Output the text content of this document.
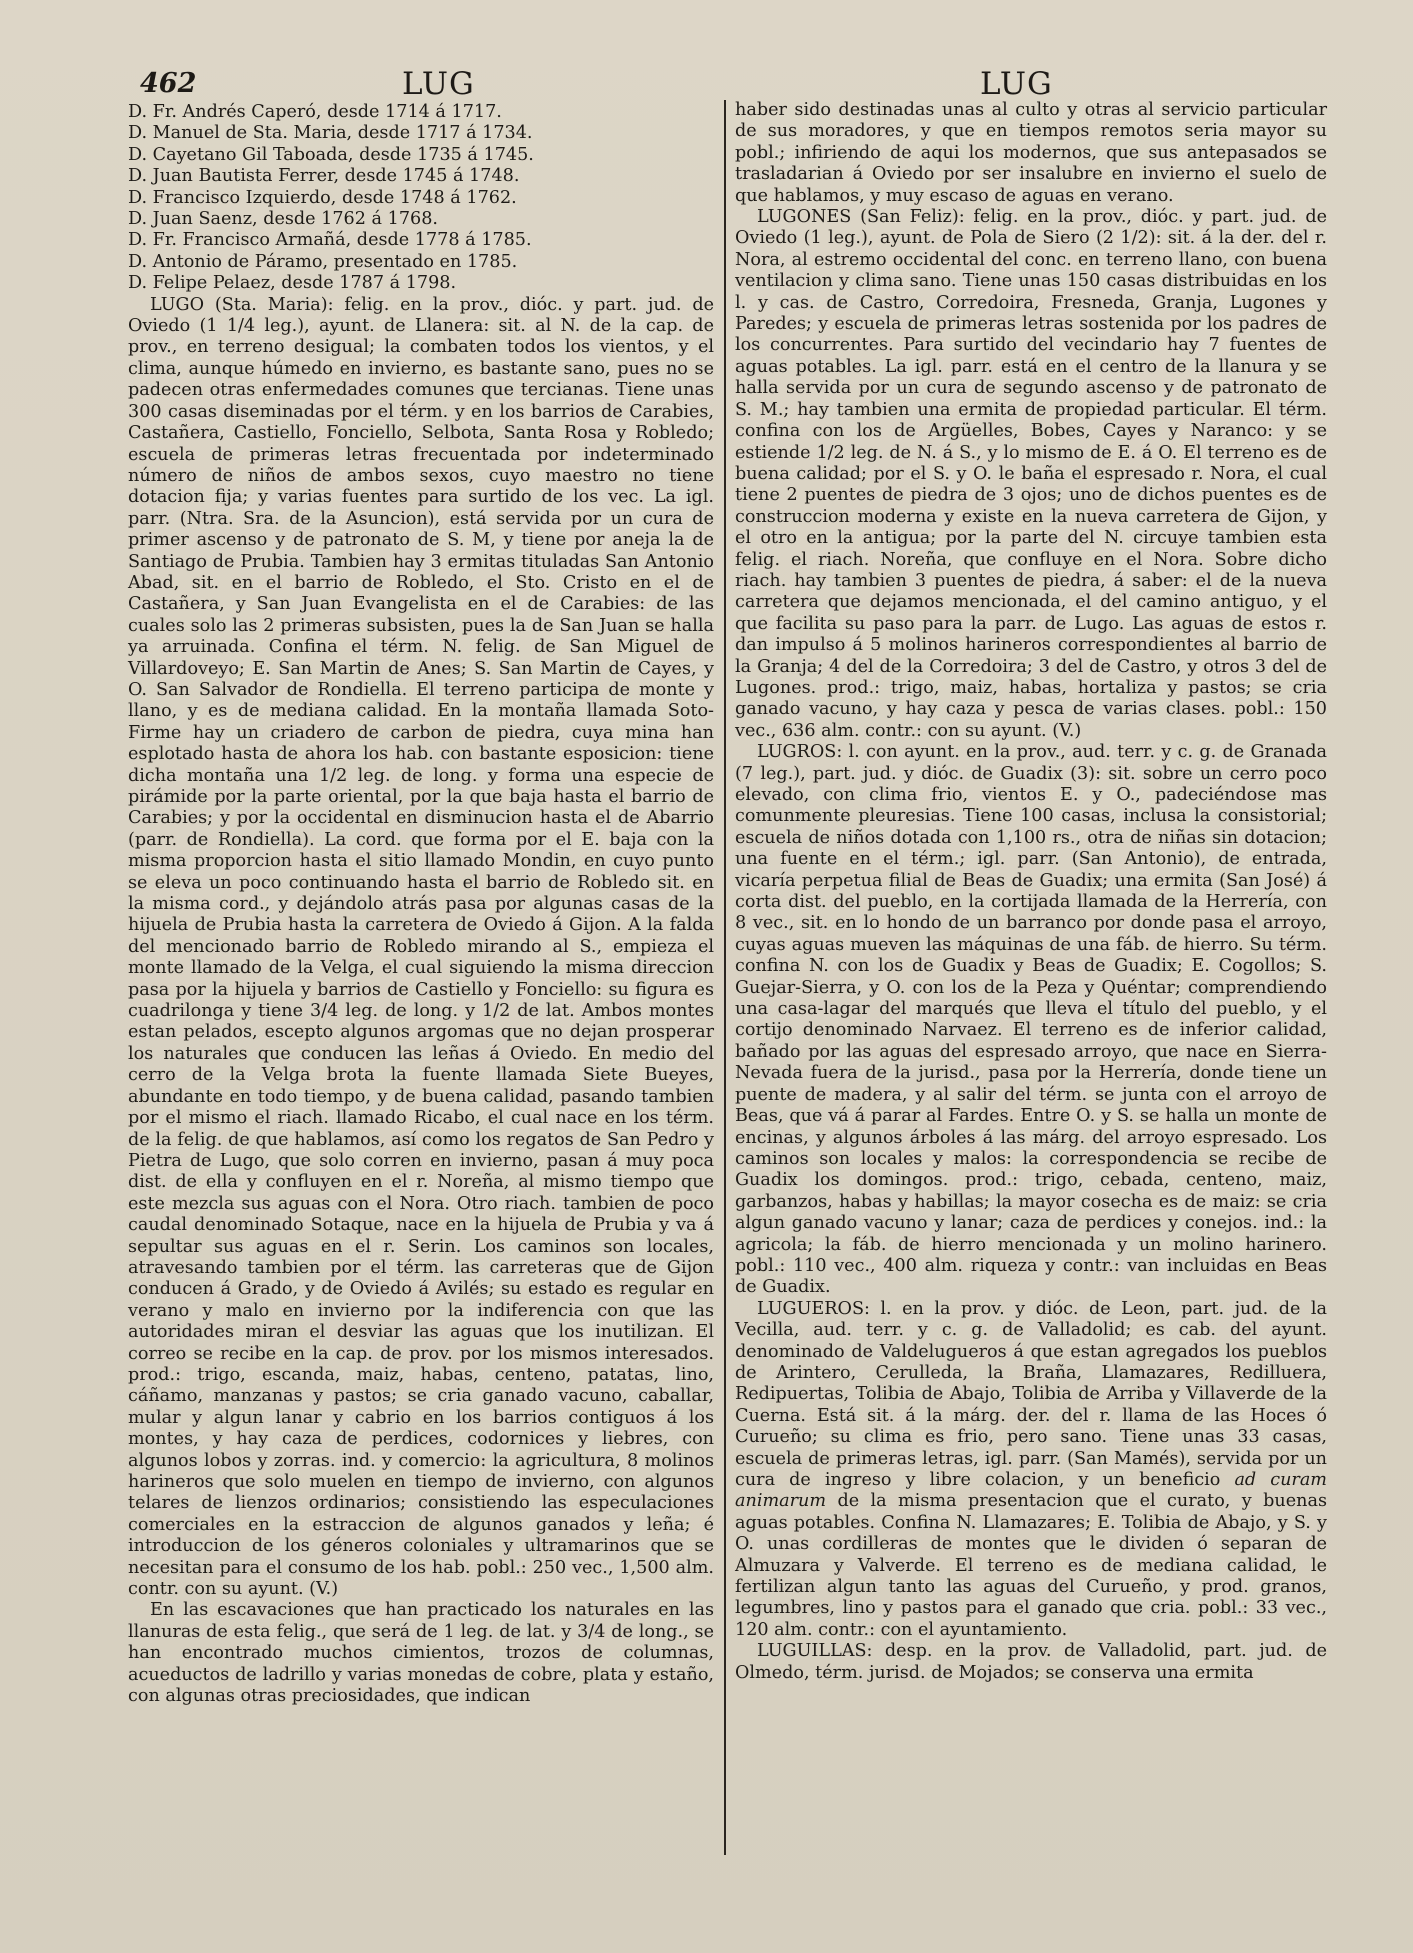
462	LUG	LUG

D. Fr. Andrés Caperó, desde 1714 á 1717.

D. Manuel de Sta. Maria, desde 1717 á 1734.

D. Cayetano Gil Taboada, desde 1735 á 1745.

D. Juan Bautista Ferrer, desde 1745 á 1748.

D. Francisco Izquierdo, desde 1748 á 1762.

D. Juan Saenz, desde 1762 á 1768.

D. Fr. Francisco Armañá, desde 1778 á 1785.

D. Antonio de Páramo, presentado en 1785.

D. Felipe Pelaez, desde 1787 á 1798.

LUGO (Sta. Maria): felig. en la prov., dióc. y part. jud. de Oviedo (1 1/4 leg.), ayunt. de Llanera: sit. al N. de la cap. de prov., en terreno desigual; la combaten todos los vientos, y el clima, aunque húmedo en invierno, es bastante sano, pues no se padecen otras enfermedades comunes que tercianas. Tiene unas 300 casas diseminadas por el térm. y en los barrios de Carabies, Castañera, Castiello, Fonciello, Selbota, Santa Rosa y Robledo; escuela de primeras letras frecuentada por indeterminado número de niños de ambos sexos, cuyo maestro no tiene dotacion fija; y varias fuentes para surtido de los vec. La igl. parr. (Ntra. Sra. de la Asuncion), está servida por un cura de primer ascenso y de patronato de S. M, y tiene por aneja la de Santiago de Prubia. Tambien hay 3 ermitas tituladas San Antonio Abad, sit. en el barrio de Robledo, el Sto. Cristo en el de Castañera, y San Juan Evangelista en el de Carabies: de las cuales solo las 2 primeras subsisten, pues la de San Juan se halla ya arruinada. Confina el térm. N. felig. de San Miguel de Villardoveyo; E. San Martin de Anes; S. San Martin de Cayes, y O. San Salvador de Rondiella. El terreno participa de monte y llano, y es de mediana calidad. En la montaña llamada Soto-Firme hay un criadero de carbon de piedra, cuya mina han esplotado hasta de ahora los hab. con bastante esposicion: tiene dicha montaña una 1/2 leg. de long. y forma una especie de pirámide por la parte oriental, por la que baja hasta el barrio de Carabies; y por la occidental en disminucion hasta el de Abarrio (parr. de Rondiella). La cord. que forma por el E. baja con la misma proporcion hasta el sitio llamado Mondin, en cuyo punto se eleva un poco continuando hasta el barrio de Robledo sit. en la misma cord., y dejándolo atrás pasa por algunas casas de la hijuela de Prubia hasta la carretera de Oviedo á Gijon. A la falda del mencionado barrio de Robledo mirando al S., empieza el monte llamado de la Velga, el cual siguiendo la misma direccion pasa por la hijuela y barrios de Castiello y Fonciello: su figura es cuadrilonga y tiene 3/4 leg. de long. y 1/2 de lat. Ambos montes estan pelados, escepto algunos argomas que no dejan prosperar los naturales que conducen las leñas á Oviedo. En medio del cerro de la Velga brota la fuente llamada Siete Bueyes, abundante en todo tiempo, y de buena calidad, pasando tambien por el mismo el riach. llamado Ricabo, el cual nace en los térm. de la felig. de que hablamos, así como los regatos de San Pedro y Pietra de Lugo, que solo corren en invierno, pasan á muy poca dist. de ella y confluyen en el r. Noreña, al mismo tiempo que este mezcla sus aguas con el Nora. Otro riach. tambien de poco caudal denominado Sotaque, nace en la hijuela de Prubia y va á sepultar sus aguas en el r. Serin. Los caminos son locales, atravesando tambien por el térm. las carreteras que de Gijon conducen á Grado, y de Oviedo á Avilés; su estado es regular en verano y malo en invierno por la indiferencia con que las autoridades miran el desviar las aguas que los inutilizan. El correo se recibe en la cap. de prov. por los mismos interesados. prod.: trigo, escanda, maiz, habas, centeno, patatas, lino, cáñamo, manzanas y pastos; se cria ganado vacuno, caballar, mular y algun lanar y cabrio en los barrios contiguos á los montes, y hay caza de perdices, codornices y liebres, con algunos lobos y zorras. ind. y comercio: la agricultura, 8 molinos harineros que solo muelen en tiempo de invierno, con algunos telares de lienzos ordinarios; consistiendo las especulaciones comerciales en la estraccion de algunos ganados y leña; é introduccion de los géneros coloniales y ultramarinos que se necesitan para el consumo de los hab. pobl.: 250 vec., 1,500 alm. contr. con su ayunt. (V.)

En las escavaciones que han practicado los naturales en las llanuras de esta felig., que será de 1 leg. de lat. y 3/4 de long., se han encontrado muchos cimientos, trozos de columnas, acueductos de ladrillo y varias monedas de cobre, plata y estaño, con algunas otras preciosidades, que indican

haber sido destinadas unas al culto y otras al servicio particular de sus moradores, y que en tiempos remotos seria mayor su pobl.; infiriendo de aqui los modernos, que sus antepasados se trasladarian á Oviedo por ser insalubre en invierno el suelo de que hablamos, y muy escaso de aguas en verano.

LUGONES (San Feliz): felig. en la prov., dióc. y part. jud. de Oviedo (1 leg.), ayunt. de Pola de Siero (2 1/2): sit. á la der. del r. Nora, al estremo occidental del conc. en terreno llano, con buena ventilacion y clima sano. Tiene unas 150 casas distribuidas en los l. y cas. de Castro, Corredoira, Fresneda, Granja, Lugones y Paredes; y escuela de primeras letras sostenida por los padres de los concurrentes. Para surtido del vecindario hay 7 fuentes de aguas potables. La igl. parr. está en el centro de la llanura y se halla servida por un cura de segundo ascenso y de patronato de S. M.; hay tambien una ermita de propiedad particular. El térm. confina con los de Argüelles, Bobes, Cayes y Naranco: y se estiende 1/2 leg. de N. á S., y lo mismo de E. á O. El terreno es de buena calidad; por el S. y O. le baña el espresado r. Nora, el cual tiene 2 puentes de piedra de 3 ojos; uno de dichos puentes es de construccion moderna y existe en la nueva carretera de Gijon, y el otro en la antigua; por la parte del N. circuye tambien esta felig. el riach. Noreña, que confluye en el Nora. Sobre dicho riach. hay tambien 3 puentes de piedra, á saber: el de la nueva carretera que dejamos mencionada, el del camino antiguo, y el que facilita su paso para la parr. de Lugo. Las aguas de estos r. dan impulso á 5 molinos harineros correspondientes al barrio de la Granja; 4 del de la Corredoira; 3 del de Castro, y otros 3 del de Lugones. prod.: trigo, maiz, habas, hortaliza y pastos; se cria ganado vacuno, y hay caza y pesca de varias clases. pobl.: 150 vec., 636 alm. contr.: con su ayunt. (V.)

LUGROS: l. con ayunt. en la prov., aud. terr. y c. g. de Granada (7 leg.), part. jud. y dióc. de Guadix (3): sit. sobre un cerro poco elevado, con clima frio, vientos E. y O., padeciéndose mas comunmente pleuresias. Tiene 100 casas, inclusa la consistorial; escuela de niños dotada con 1,100 rs., otra de niñas sin dotacion; una fuente en el térm.; igl. parr. (San Antonio), de entrada, vicaría perpetua filial de Beas de Guadix; una ermita (San José) á corta dist. del pueblo, en la cortijada llamada de la Herrería, con 8 vec., sit. en lo hondo de un barranco por donde pasa el arroyo, cuyas aguas mueven las máquinas de una fáb. de hierro. Su térm. confina N. con los de Guadix y Beas de Guadix; E. Cogollos; S. Guejar-Sierra, y O. con los de la Peza y Quéntar; comprendiendo una casa-lagar del marqués que lleva el título del pueblo, y el cortijo denominado Narvaez. El terreno es de inferior calidad, bañado por las aguas del espresado arroyo, que nace en Sierra-Nevada fuera de la jurisd., pasa por la Herrería, donde tiene un puente de madera, y al salir del térm. se junta con el arroyo de Beas, que vá á parar al Fardes. Entre O. y S. se halla un monte de encinas, y algunos árboles á las márg. del arroyo espresado. Los caminos son locales y malos: la correspondencia se recibe de Guadix los domingos. prod.: trigo, cebada, centeno, maiz, garbanzos, habas y habillas; la mayor cosecha es de maiz: se cria algun ganado vacuno y lanar; caza de perdices y conejos. ind.: la agricola; la fáb. de hierro mencionada y un molino harinero. pobl.: 110 vec., 400 alm. riqueza y contr.: van incluidas en Beas de Guadix.

LUGUEROS: l. en la prov. y dióc. de Leon, part. jud. de la Vecilla, aud. terr. y c. g. de Valladolid; es cab. del ayunt. denominado de Valdelugueros á que estan agregados los pueblos de Arintero, Cerulleda, la Braña, Llamazares, Redilluera, Redipuertas, Tolibia de Abajo, Tolibia de Arriba y Villaverde de la Cuerna. Está sit. á la márg. der. del r. llama de las Hoces ó Curueño; su clima es frio, pero sano. Tiene unas 33 casas, escuela de primeras letras, igl. parr. (San Mamés), servida por un cura de ingreso y libre colacion, y un beneficio ad curam animarum de la misma presentacion que el curato, y buenas aguas potables. Confina N. Llamazares; E. Tolibia de Abajo, y S. y O. unas cordilleras de montes que le dividen ó separan de Almuzara y Valverde. El terreno es de mediana calidad, le fertilizan algun tanto las aguas del Curueño, y prod. granos, legumbres, lino y pastos para el ganado que cria. pobl.: 33 vec., 120 alm. contr.: con el ayuntamiento.

LUGUILLAS: desp. en la prov. de Valladolid, part. jud. de Olmedo, térm. jurisd. de Mojados; se conserva una ermita
